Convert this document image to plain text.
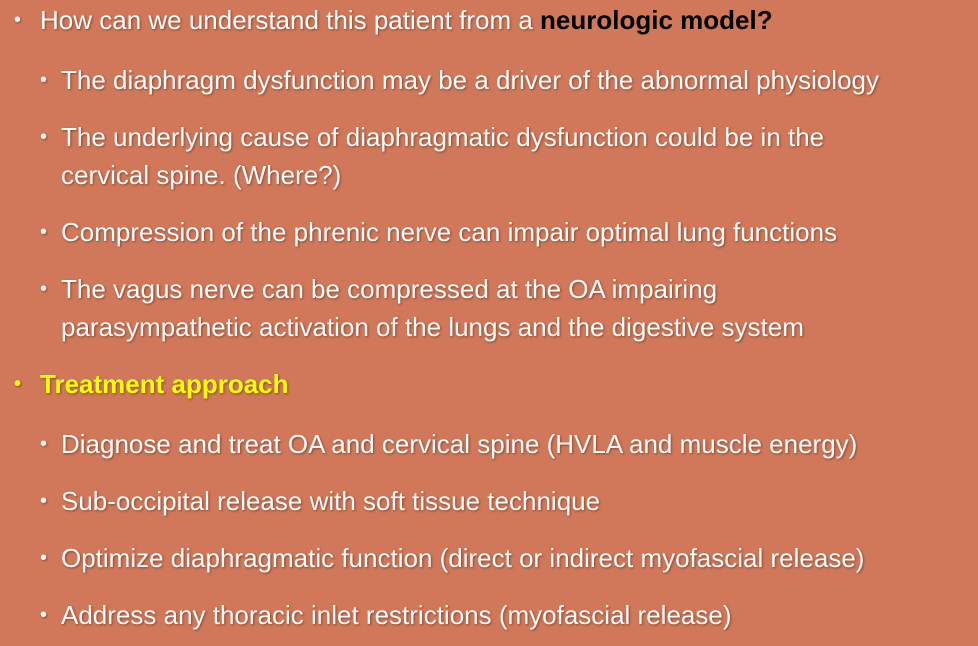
• How can we understand this patient from a neurologic model?
• The diaphragm dysfunction may be a driver of the abnormal physiology
• The underlying cause of diaphragmatic dysfunction could be in the
cervical spine. (Where?)
• Compression of the phrenic nerve can impair optimal lung functions
• The vagus nerve can be compressed at the OA impairing
parasympathetic activation of the lungs and the digestive system
• Treatment approach
• Diagnose and treat OA and cervical spine (HVLA and muscle energy)
• Sub-occipital release with soft tissue technique
• Optimize diaphragmatic function (direct or indirect myofascial release)
• Address any thoracic inlet restrictions (myofascial release)
